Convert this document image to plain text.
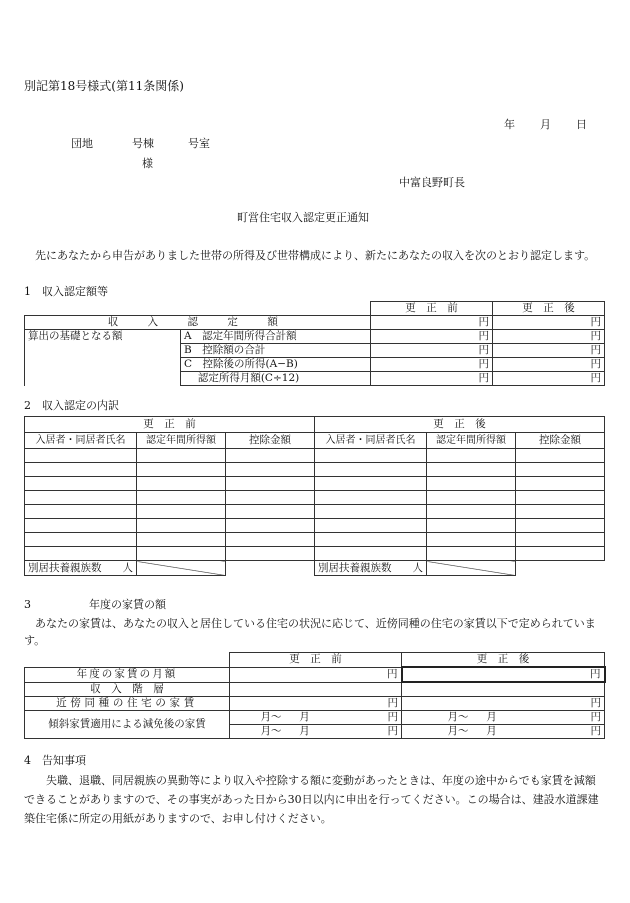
別記第18号様式(第11条関係)
年 月 日
団地	号棟	号室
様
中富良野町長
町営住宅収入認定更正通知

先にあなたから申告がありました世帯の所得及び世帯構成により、新たにあなたの収入を次のとおり認定します。

1　収入認定額等
		更　正　前	更　正　後
収　入　認　定　額		円	円
算出の基礎となる額	A　認定年間所得合計額	円	円
	B　控除額の合計	円	円
	C　控除後の所得(A−B)	円	円
	　 認定所得月額(C÷12)	円	円
2　収入認定の内訳
更　正　前			更　正　後		
入居者・同居者氏名	認定年間所得額	控除金額	入居者・同居者氏名	認定年間所得額	控除金額

別居扶養親族数 人			別居扶養親族数 人		

3	年度の家賃の額

あなたの家賃は、あなたの収入と居住している住宅の状況に応じて、近傍同種の住宅の家賃以下で定められています。

	更　正　前			更　正　後		
年度の家賃の月額	円			円		
収　入　階　層						
近傍同種の住宅の家賃	円			円		
傾斜家賃適用による減免後の家賃	月〜	月	円	月〜	月	円
	月〜	月	円	月〜	月	円
4　告知事項

失職、退職、同居親族の異動等により収入や控除する額に変動があったときは、年度の途中からでも家賃を減額できることがありますので、その事実があった日から30日以内に申出を行ってください。この場合は、建設水道課建築住宅係に所定の用紙がありますので、お申し付けください。
